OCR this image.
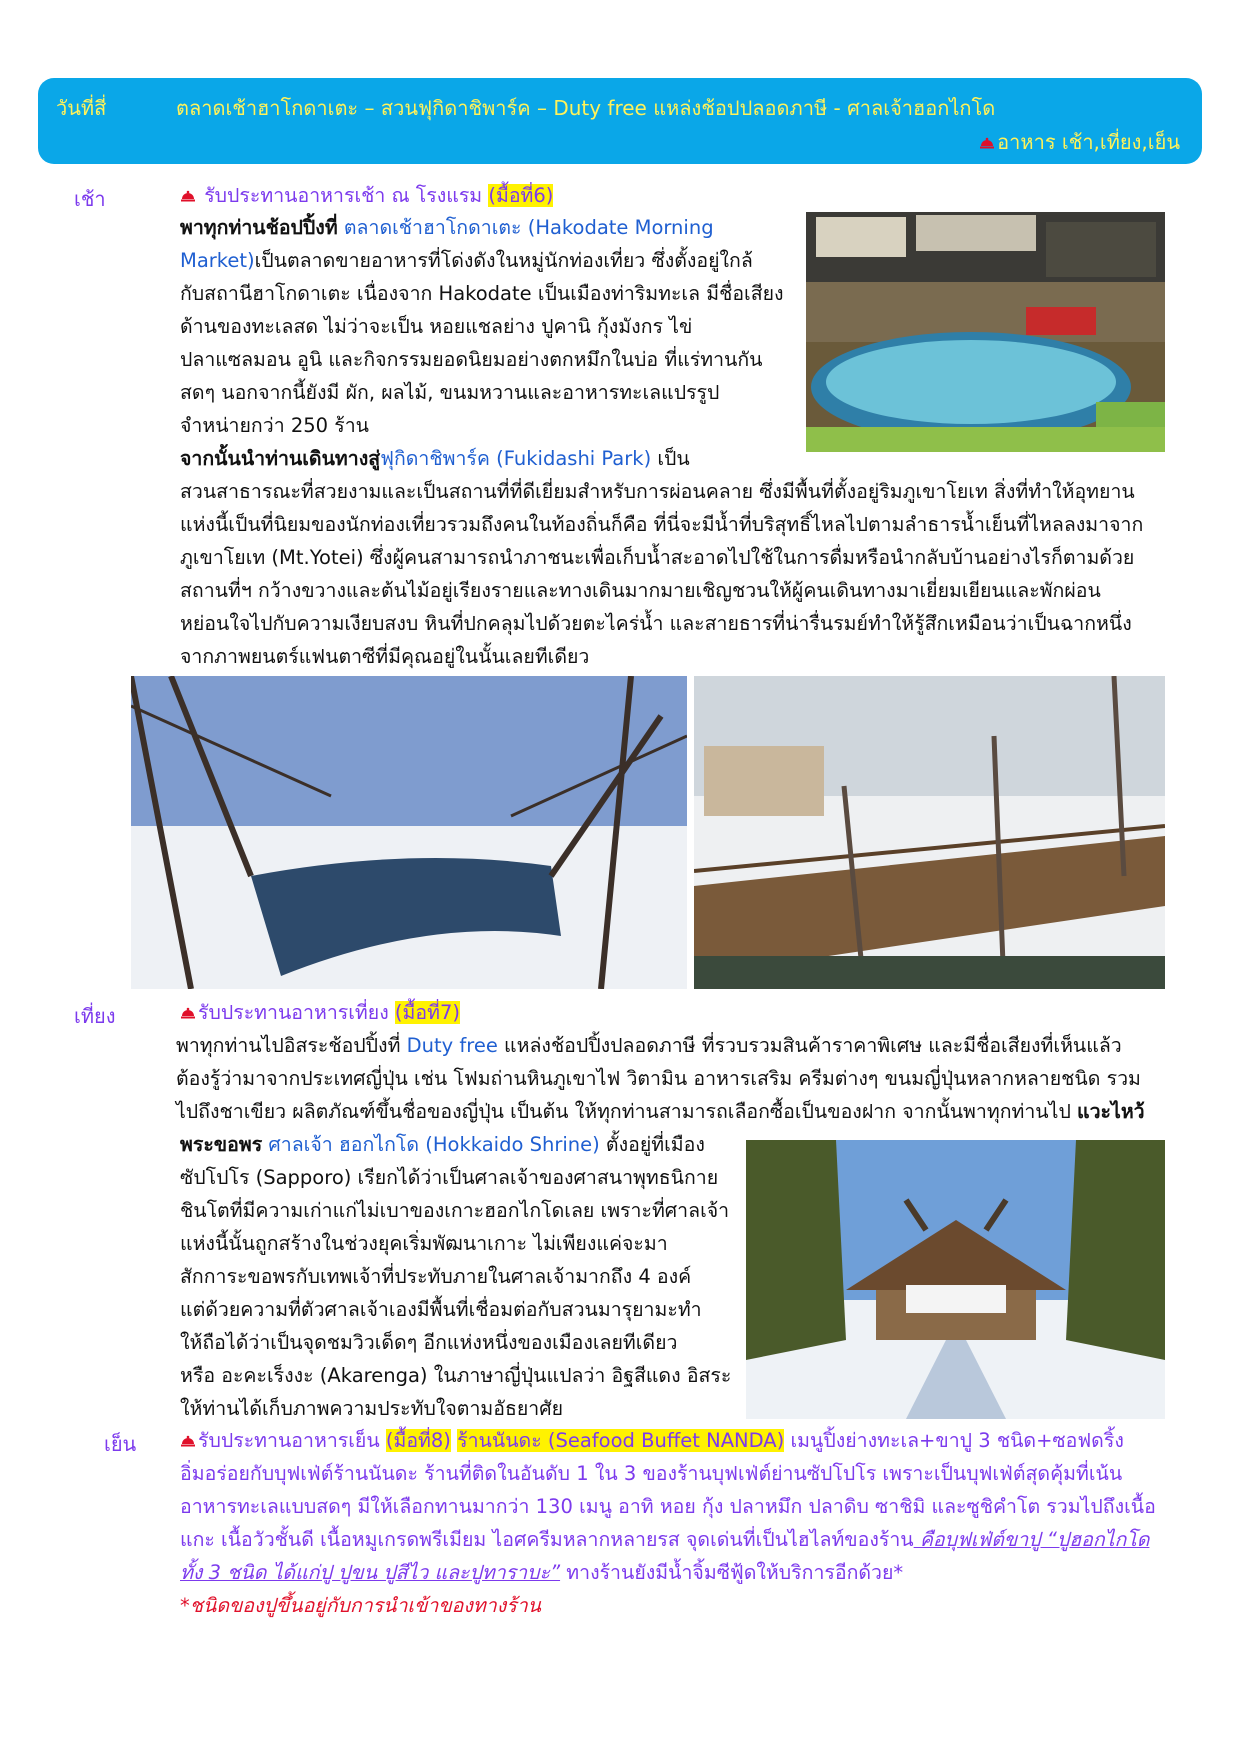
วันที่สี่	ตลาดเช้าฮาโกดาเตะ – สวนฟุกิดาชิพาร์ค – Duty free แหล่งช้อปปลอดภาษี - ศาลเจ้าฮอกไกโด
อาหาร เช้า,เที่ยง,เย็น
เช้า	รับประทานอาหารเช้า ณ โรงแรม (มื้อที่6)
พาทุกท่านช้อปปิ้งที่ ตลาดเช้าฮาโกดาเตะ (Hakodate Morning
Market)เป็นตลาดขายอาหารที่โด่งดังในหมู่นักท่องเที่ยว ซึ่งตั้งอยู่ใกล้
กับสถานีฮาโกดาเตะ เนื่องจาก Hakodate เป็นเมืองท่าริมทะเล มีชื่อเสียง
ด้านของทะเลสด ไม่ว่าจะเป็น หอยแชลย่าง ปูคานิ กุ้งมังกร ไข่
ปลาแซลมอน อูนิ และกิจกรรมยอดนิยมอย่างตกหมึกในบ่อ ที่แร่ทานกัน
สดๆ นอกจากนี้ยังมี ผัก, ผลไม้, ขนมหวานและอาหารทะเลแปรรูป
จำหน่ายกว่า 250 ร้าน
จากนั้นนำท่านเดินทางสู่ฟุกิดาชิพาร์ค (Fukidashi Park) เป็น
สวนสาธารณะที่สวยงามและเป็นสถานที่ที่ดีเยี่ยมสำหรับการผ่อนคลาย ซึ่งมีพื้นที่ตั้งอยู่ริมภูเขาโยเท สิ่งที่ทำให้อุทยาน
แห่งนี้เป็นที่นิยมของนักท่องเที่ยวรวมถึงคนในท้องถิ่นก็คือ ที่นี่จะมีน้ำที่บริสุทธิ์ไหลไปตามลำธารน้ำเย็นที่ไหลลงมาจาก
ภูเขาโยเท (Mt.Yotei) ซึ่งผู้คนสามารถนำภาชนะเพื่อเก็บน้ำสะอาดไปใช้ในการดื่มหรือนำกลับบ้านอย่างไรก็ตามด้วย
สถานที่ฯ กว้างขวางและต้นไม้อยู่เรียงรายและทางเดินมากมายเชิญชวนให้ผู้คนเดินทางมาเยี่ยมเยียนและพักผ่อน
หย่อนใจไปกับความเงียบสงบ หินที่ปกคลุมไปด้วยตะไคร่น้ำ และสายธารที่น่ารื่นรมย์ทำให้รู้สึกเหมือนว่าเป็นฉากหนึ่ง
จากภาพยนตร์แฟนตาซีที่มีคุณอยู่ในนั้นเลยทีเดียว
เที่ยง	รับประทานอาหารเที่ยง (มื้อที่7)
พาทุกท่านไปอิสระช้อปปิ้งที่ Duty free แหล่งช้อปปิ้งปลอดภาษี ที่รวบรวมสินค้าราคาพิเศษ และมีชื่อเสียงที่เห็นแล้ว
ต้องรู้ว่ามาจากประเทศญี่ปุ่น เช่น โฟมถ่านหินภูเขาไฟ วิตามิน อาหารเสริม ครีมต่างๆ ขนมญี่ปุ่นหลากหลายชนิด รวม
ไปถึงชาเขียว ผลิตภัณฑ์ขึ้นชื่อของญี่ปุ่น เป็นต้น ให้ทุกท่านสามารถเลือกซื้อเป็นของฝาก จากนั้นพาทุกท่านไป แวะไหว้
พระขอพร ศาลเจ้า ฮอกไกโด (Hokkaido Shrine) ตั้งอยู่ที่เมือง
ซัปโปโร (Sapporo) เรียกได้ว่าเป็นศาลเจ้าของศาสนาพุทธนิกาย
ชินโตที่มีความเก่าแก่ไม่เบาของเกาะฮอกไกโดเลย เพราะที่ศาลเจ้า
แห่งนี้นั้นถูกสร้างในช่วงยุคเริ่มพัฒนาเกาะ ไม่เพียงแค่จะมา
สักการะขอพรกับเทพเจ้าที่ประทับภายในศาลเจ้ามากถึง 4 องค์
แต่ด้วยความที่ตัวศาลเจ้าเองมีพื้นที่เชื่อมต่อกับสวนมารุยามะทำ
ให้ถือได้ว่าเป็นจุดชมวิวเด็ดๆ อีกแห่งหนึ่งของเมืองเลยทีเดียว
หรือ อะคะเร็งงะ (Akarenga) ในภาษาญี่ปุ่นแปลว่า อิฐสีแดง อิสระ
ให้ท่านได้เก็บภาพความประทับใจตามอัธยาศัย
เย็น	รับประทานอาหารเย็น (มื้อที่8) ร้านนันดะ (Seafood Buffet NANDA) เมนูปิ้งย่างทะเล+ขาปู 3 ชนิด+ซอฟดริ้ง
อิ่มอร่อยกับบุฟเฟ่ต์ร้านนันดะ ร้านที่ติดในอันดับ 1 ใน 3 ของร้านบุฟเฟ่ต์ย่านซัปโปโร เพราะเป็นบุฟเฟ่ต์สุดคุ้มที่เน้น
อาหารทะเลแบบสดๆ มีให้เลือกทานมากว่า 130 เมนู อาทิ หอย กุ้ง ปลาหมึก ปลาดิบ ซาชิมิ และซูชิคำโต รวมไปถึงเนื้อ
แกะ เนื้อวัวชั้นดี เนื้อหมูเกรดพรีเมียม ไอศครีมหลากหลายรส จุดเด่นที่เป็นไฮไลท์ของร้าน คือบุฟเฟ่ต์ขาปู “ปูฮอกไกโด
ทั้ง 3 ชนิด ได้แก่ปู ปูขน ปูสีไว และปูทาราบะ” ทางร้านยังมีน้ำจิ้มซีฟู้ดให้บริการอีกด้วย*
*ชนิดของปูขึ้นอยู่กับการนำเข้าของทางร้าน
